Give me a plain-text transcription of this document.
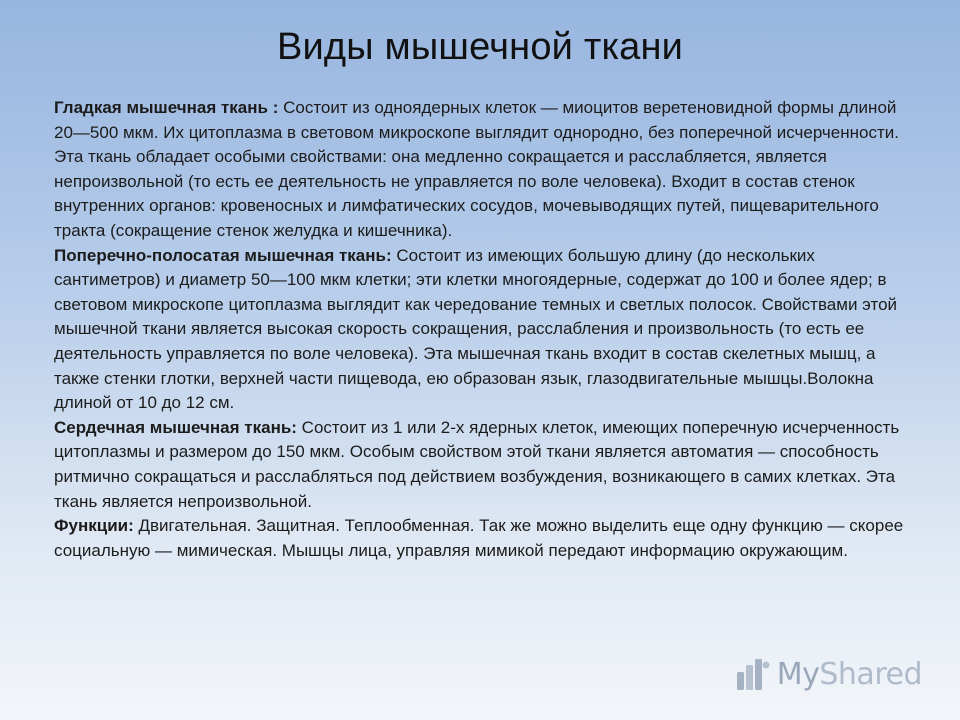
Виды мышечной ткани

Гладкая мышечная ткань : Состоит из одноядерных клеток — миоцитов веретеновидной формы длиной 20—500 мкм. Их цитоплазма в световом микроскопе выглядит однородно, без поперечной исчерченности. Эта ткань обладает особыми свойствами: она медленно сокращается и расслабляется, является непроизвольной (то есть ее деятельность не управляется по воле человека). Входит в состав стенок внутренних органов: кровеносных и лимфатических сосудов, мочевыводящих путей, пищеварительного тракта (сокращение стенок желудка и кишечника).

Поперечно-полосатая мышечная ткань: Состоит из имеющих большую длину (до нескольких сантиметров) и диаметр 50—100 мкм клетки; эти клетки многоядерные, содержат до 100 и более ядер; в световом микроскопе цитоплазма выглядит как чередование темных и светлых полосок. Свойствами этой мышечной ткани является высокая скорость сокращения, расслабления и произвольность (то есть ее деятельность управляется по воле человека). Эта мышечная ткань входит в состав скелетных мышц, а также стенки глотки, верхней части пищевода, ею образован язык, глазодвигательные мышцы.Волокна длиной от 10 до 12 см.

Сердечная мышечная ткань: Состоит из 1 или 2-х ядерных клеток, имеющих поперечную исчерченность цитоплазмы и размером до 150 мкм. Особым свойством этой ткани является автоматия — способность ритмично сокращаться и расслабляться под действием возбуждения, возникающего в самих клетках. Эта ткань является непроизвольной.

Функции: Двигательная. Защитная. Теплообменная. Так же можно выделить еще одну функцию — скорее социальную — мимическая. Мышцы лица, управляя мимикой передают информацию окружающим.

MyShared
